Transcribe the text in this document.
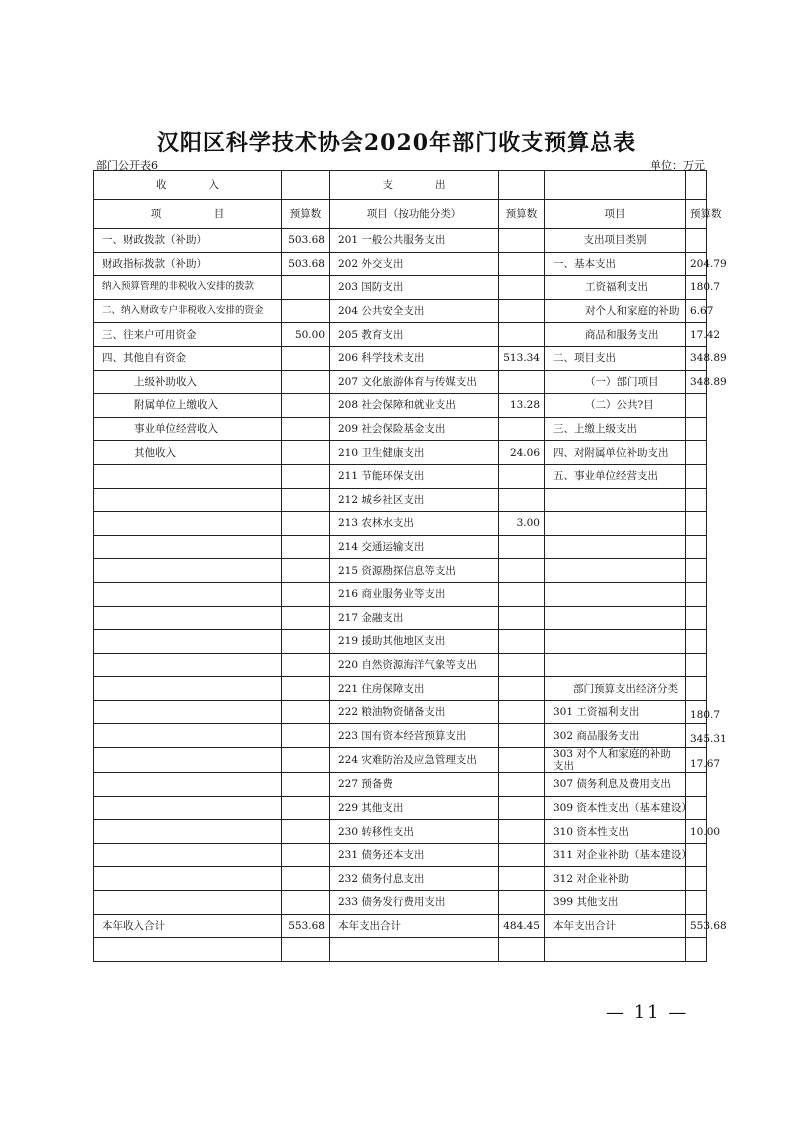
汉阳区科学技术协会2020年部门收支预算总表
部门公开表6	单位：万元
收　　　　入		支　　　　出			
项　　　　　目	预算数	项目（按功能分类）	预算数	项目	预算数
一、财政拨款（补助）	503.68	201 一般公共服务支出		支出项目类别	
财政指标拨款（补助）	503.68	202 外交支出		一、基本支出	204.79
纳入预算管理的非税收入安排的拨款		203 国防支出		工资福利支出	180.7
二、纳入财政专户非税收入安排的资金		204 公共安全支出		对个人和家庭的补助	6.67
三、往来户可用资金	50.00	205 教育支出		商品和服务支出	17.42
四、其他自有资金		206 科学技术支出	513.34	二、项目支出	348.89
上级补助收入		207 文化旅游体育与传媒支出		（一）部门项目	348.89
附属单位上缴收入		208 社会保障和就业支出	13.28	（二）公共?目	
事业单位经营收入		209 社会保险基金支出		三、上缴上级支出	
其他收入		210 卫生健康支出	24.06	四、对附属单位补助支出	
		211 节能环保支出		五、事业单位经营支出	
		212 城乡社区支出			
		213 农林水支出	3.00		
		214 交通运输支出			
		215 资源勘探信息等支出			
		216 商业服务业等支出			
		217 金融支出			
		219 援助其他地区支出			
		220 自然资源海洋气象等支出			
		221 住房保障支出		部门预算支出经济分类	
		222 粮油物资储备支出		301 工资福利支出	180.7
		223 国有资本经营预算支出		302 商品服务支出	345.31
		224 灾难防治及应急管理支出		303 对个人和家庭的补助支出	17.67
		227 预备费		307 债务利息及费用支出	
		229 其他支出		309 资本性支出（基本建设）	
		230 转移性支出		310 资本性支出	10.00
		231 债务还本支出		311 对企业补助（基本建设）	
		232 债务付息支出		312 对企业补助	
		233 债务发行费用支出		399 其他支出	
本年收入合计	553.68	本年支出合计	484.45	本年支出合计	553.68

— 11 —
